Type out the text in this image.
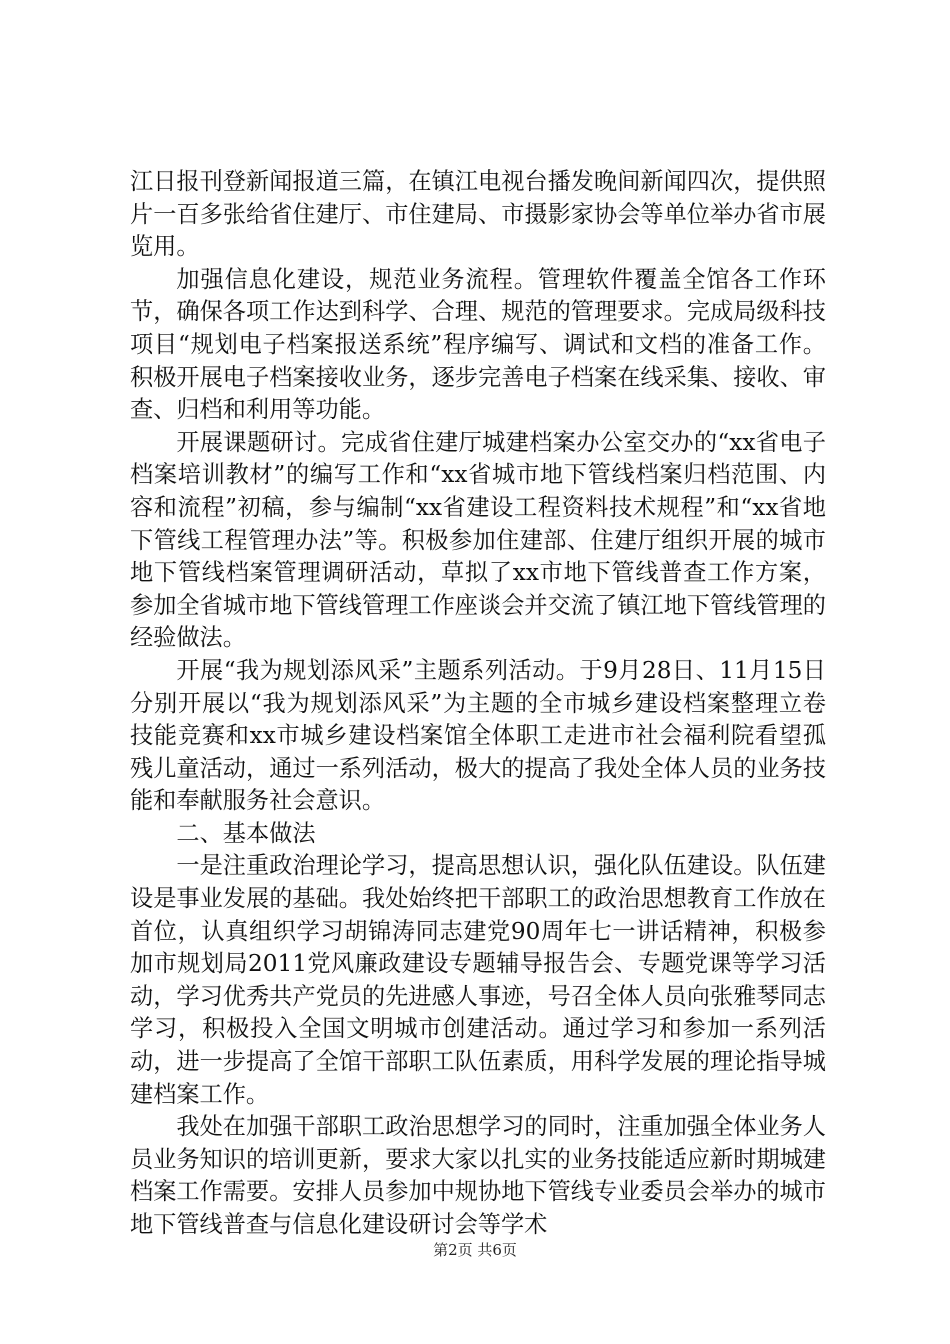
江日报刊登新闻报道三篇，在镇江电视台播发晚间新闻四次，提供照片一百多张给省住建厅、市住建局、市摄影家协会等单位举办省市展览用。

加强信息化建设，规范业务流程。管理软件覆盖全馆各工作环节，确保各项工作达到科学、合理、规范的管理要求。完成局级科技项目“规划电子档案报送系统”程序编写、调试和文档的准备工作。积极开展电子档案接收业务，逐步完善电子档案在线采集、接收、审查、归档和利用等功能。

开展课题研讨。完成省住建厅城建档案办公室交办的“xx省电子档案培训教材”的编写工作和“xx省城市地下管线档案归档范围、内容和流程”初稿，参与编制“xx省建设工程资料技术规程”和“xx省地下管线工程管理办法”等。积极参加住建部、住建厅组织开展的城市地下管线档案管理调研活动，草拟了xx市地下管线普查工作方案，参加全省城市地下管线管理工作座谈会并交流了镇江地下管线管理的经验做法。

开展“我为规划添风采”主题系列活动。于9月28日、11月15日分别开展以“我为规划添风采”为主题的全市城乡建设档案整理立卷技能竞赛和xx市城乡建设档案馆全体职工走进市社会福利院看望孤残儿童活动，通过一系列活动，极大的提高了我处全体人员的业务技能和奉献服务社会意识。

二、基本做法

一是注重政治理论学习，提高思想认识，强化队伍建设。队伍建设是事业发展的基础。我处始终把干部职工的政治思想教育工作放在首位，认真组织学习胡锦涛同志建党90周年七一讲话精神，积极参加市规划局2011党风廉政建设专题辅导报告会、专题党课等学习活动，学习优秀共产党员的先进感人事迹，号召全体人员向张雅琴同志学习，积极投入全国文明城市创建活动。通过学习和参加一系列活动，进一步提高了全馆干部职工队伍素质，用科学发展的理论指导城建档案工作。

我处在加强干部职工政治思想学习的同时，注重加强全体业务人员业务知识的培训更新，要求大家以扎实的业务技能适应新时期城建档案工作需要。安排人员参加中规协地下管线专业委员会举办的城市地下管线普查与信息化建设研讨会等学术

第2页 共6页
